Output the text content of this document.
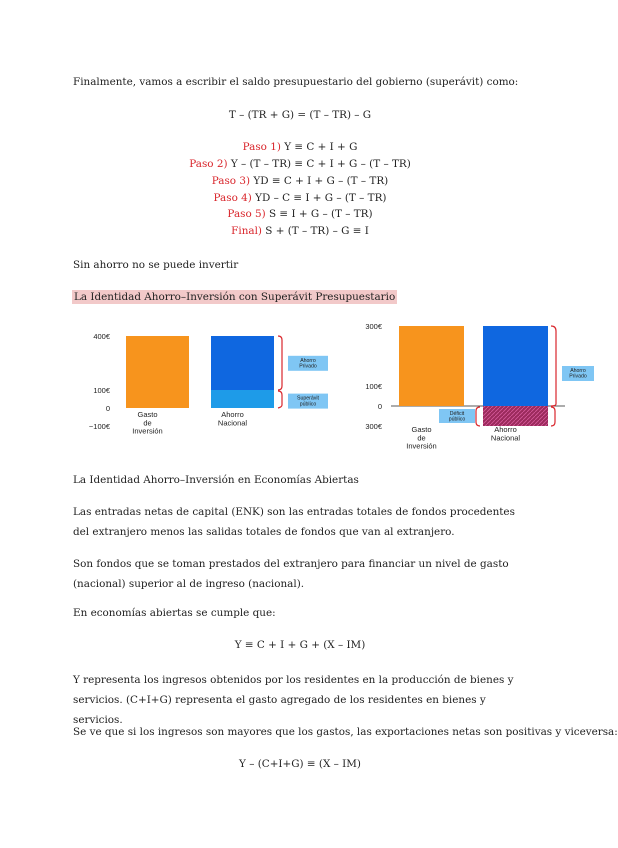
Finalmente, vamos a escribir el saldo presupuestario del gobierno (superávit) como:
T – (TR + G) = (T – TR) – G
Paso 1) Y ≡ C + I + G
Paso 2) Y – (T – TR) ≡ C + I + G – (T – TR)
Paso 3) YD ≡ C + I + G – (T – TR)
Paso 4) YD – C ≡ I + G – (T – TR)
Paso 5) S ≡ I + G – (T – TR)
Final) S + (T – TR) – G ≡ I
Sin ahorro no se puede invertir
La Identidad Ahorro–Inversión con Superávit Presupuestario
400€
100€
0
−100€
Gasto
de
Inversión
Ahorro
Nacional
Ahorro
Privado
Superávit
público
300€
100€
0
300€	Gasto
de
Inversión
Ahorro
Nacional
Ahorro
Privado
Déficit
público
La Identidad Ahorro–Inversión en Economías Abiertas
Las entradas netas de capital (ENK) son las entradas totales de fondos procedentes del extranjero menos las salidas totales de fondos que van al extranjero.
Son fondos que se toman prestados del extranjero para financiar un nivel de gasto (nacional) superior al de ingreso (nacional).
En economías abiertas se cumple que:
Y ≡ C + I + G + (X – IM)
Y representa los ingresos obtenidos por los residentes en la producción de bienes y servicios. (C+I+G) representa el gasto agregado de los residentes en bienes y servicios.
Se ve que si los ingresos son mayores que los gastos, las exportaciones netas son positivas y viceversa:
Y – (C+I+G) ≡ (X – IM)
